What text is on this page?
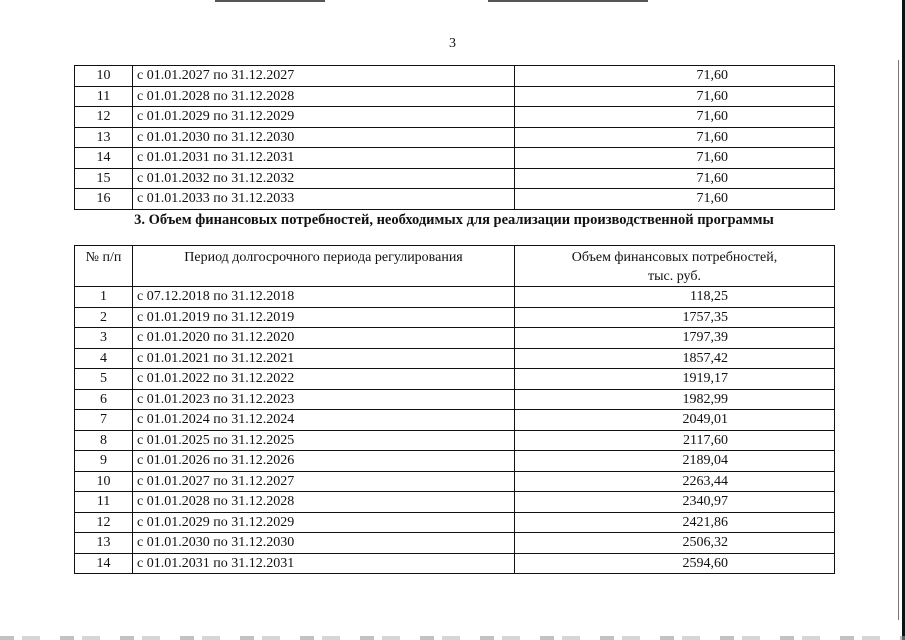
3
10	с 01.01.2027 по 31.12.2027	71,60
11	с 01.01.2028 по 31.12.2028	71,60
12	с 01.01.2029 по 31.12.2029	71,60
13	с 01.01.2030 по 31.12.2030	71,60
14	с 01.01.2031 по 31.12.2031	71,60
15	с 01.01.2032 по 31.12.2032	71,60
16	с 01.01.2033 по 31.12.2033	71,60
3. Объем финансовых потребностей, необходимых для реализации производственной программы
№ п/п	Период долгосрочного периода регулирования	Объем финансовых потребностей,
тыс. руб.
1	с 07.12.2018 по 31.12.2018	118,25
2	с 01.01.2019 по 31.12.2019	1757,35
3	с 01.01.2020 по 31.12.2020	1797,39
4	с 01.01.2021 по 31.12.2021	1857,42
5	с 01.01.2022 по 31.12.2022	1919,17
6	с 01.01.2023 по 31.12.2023	1982,99
7	с 01.01.2024 по 31.12.2024	2049,01
8	с 01.01.2025 по 31.12.2025	2117,60
9	с 01.01.2026 по 31.12.2026	2189,04
10	с 01.01.2027 по 31.12.2027	2263,44
11	с 01.01.2028 по 31.12.2028	2340,97
12	с 01.01.2029 по 31.12.2029	2421,86
13	с 01.01.2030 по 31.12.2030	2506,32
14	с 01.01.2031 по 31.12.2031	2594,60
